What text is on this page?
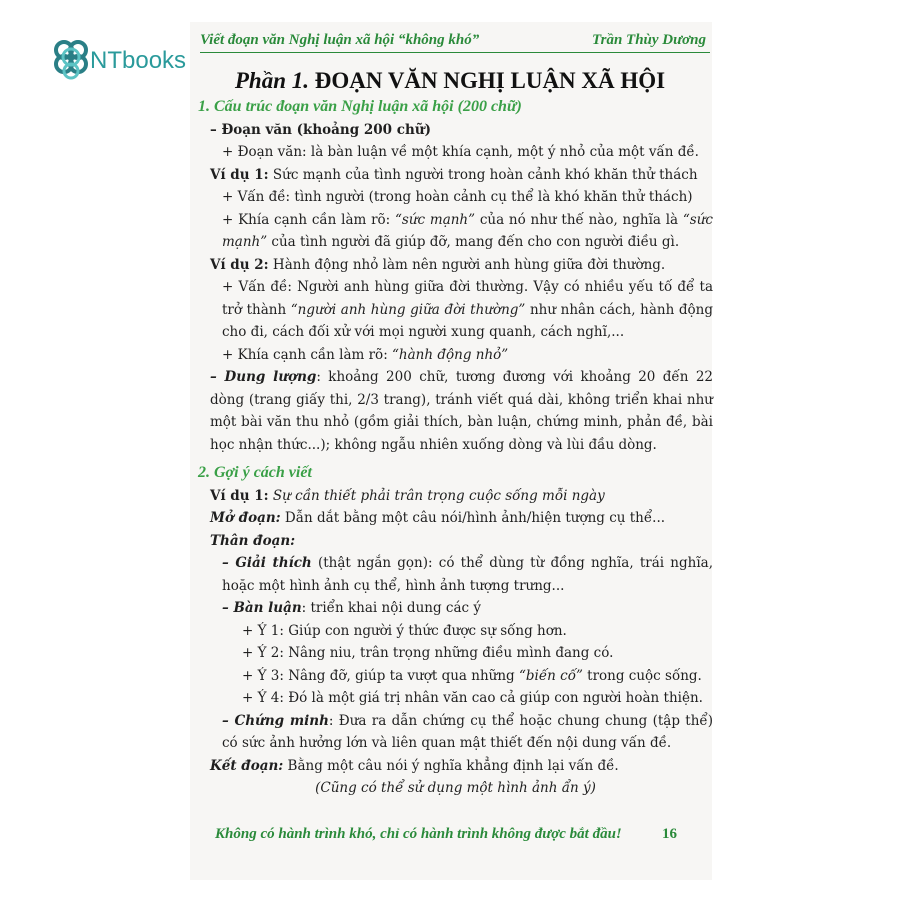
Viết đoạn văn Nghị luận xã hội “không khó”	Trần Thùy Dương
NTbooks
Phần 1. ĐOẠN VĂN NGHỊ LUẬN XÃ HỘI

1. Cấu trúc đoạn văn Nghị luận xã hội (200 chữ)

– Đoạn văn (khoảng 200 chữ)

+ Đoạn văn: là bàn luận về một khía cạnh, một ý nhỏ của một vấn đề.

Ví dụ 1: Sức mạnh của tình người trong hoàn cảnh khó khăn thử thách

+ Vấn đề: tình người (trong hoàn cảnh cụ thể là khó khăn thử thách)

+ Khía cạnh cần làm rõ: “sức mạnh” của nó như thế nào, nghĩa là “sức mạnh” của tình người đã giúp đỡ, mang đến cho con người điều gì.

Ví dụ 2: Hành động nhỏ làm nên người anh hùng giữa đời thường.

+ Vấn đề: Người anh hùng giữa đời thường. Vậy có nhiều yếu tố để ta trở thành “người anh hùng giữa đời thường” như nhân cách, hành động cho đi, cách đối xử với mọi người xung quanh, cách nghĩ,...

+ Khía cạnh cần làm rõ: “hành động nhỏ”

– Dung lượng: khoảng 200 chữ, tương đương với khoảng 20 đến 22 dòng (trang giấy thi, 2/3 trang), tránh viết quá dài, không triển khai như một bài văn thu nhỏ (gồm giải thích, bàn luận, chứng minh, phản đề, bài học nhận thức...); không ngẫu nhiên xuống dòng và lùi đầu dòng.

2. Gợi ý cách viết

Ví dụ 1: Sự cần thiết phải trân trọng cuộc sống mỗi ngày

Mở đoạn: Dẫn dắt bằng một câu nói/hình ảnh/hiện tượng cụ thể...

Thân đoạn:

– Giải thích (thật ngắn gọn): có thể dùng từ đồng nghĩa, trái nghĩa, hoặc một hình ảnh cụ thể, hình ảnh tượng trưng...

– Bàn luận: triển khai nội dung các ý

+ Ý 1: Giúp con người ý thức được sự sống hơn.

+ Ý 2: Nâng niu, trân trọng những điều mình đang có.

+ Ý 3: Nâng đỡ, giúp ta vượt qua những “biến cố” trong cuộc sống.

+ Ý 4: Đó là một giá trị nhân văn cao cả giúp con người hoàn thiện.

– Chứng minh: Đưa ra dẫn chứng cụ thể hoặc chung chung (tập thể) có sức ảnh hưởng lớn và liên quan mật thiết đến nội dung vấn đề.

Kết đoạn: Bằng một câu nói ý nghĩa khẳng định lại vấn đề.

(Cũng có thể sử dụng một hình ảnh ẩn ý)

Không có hành trình khó, chỉ có hành trình không được bắt đầu!	16
